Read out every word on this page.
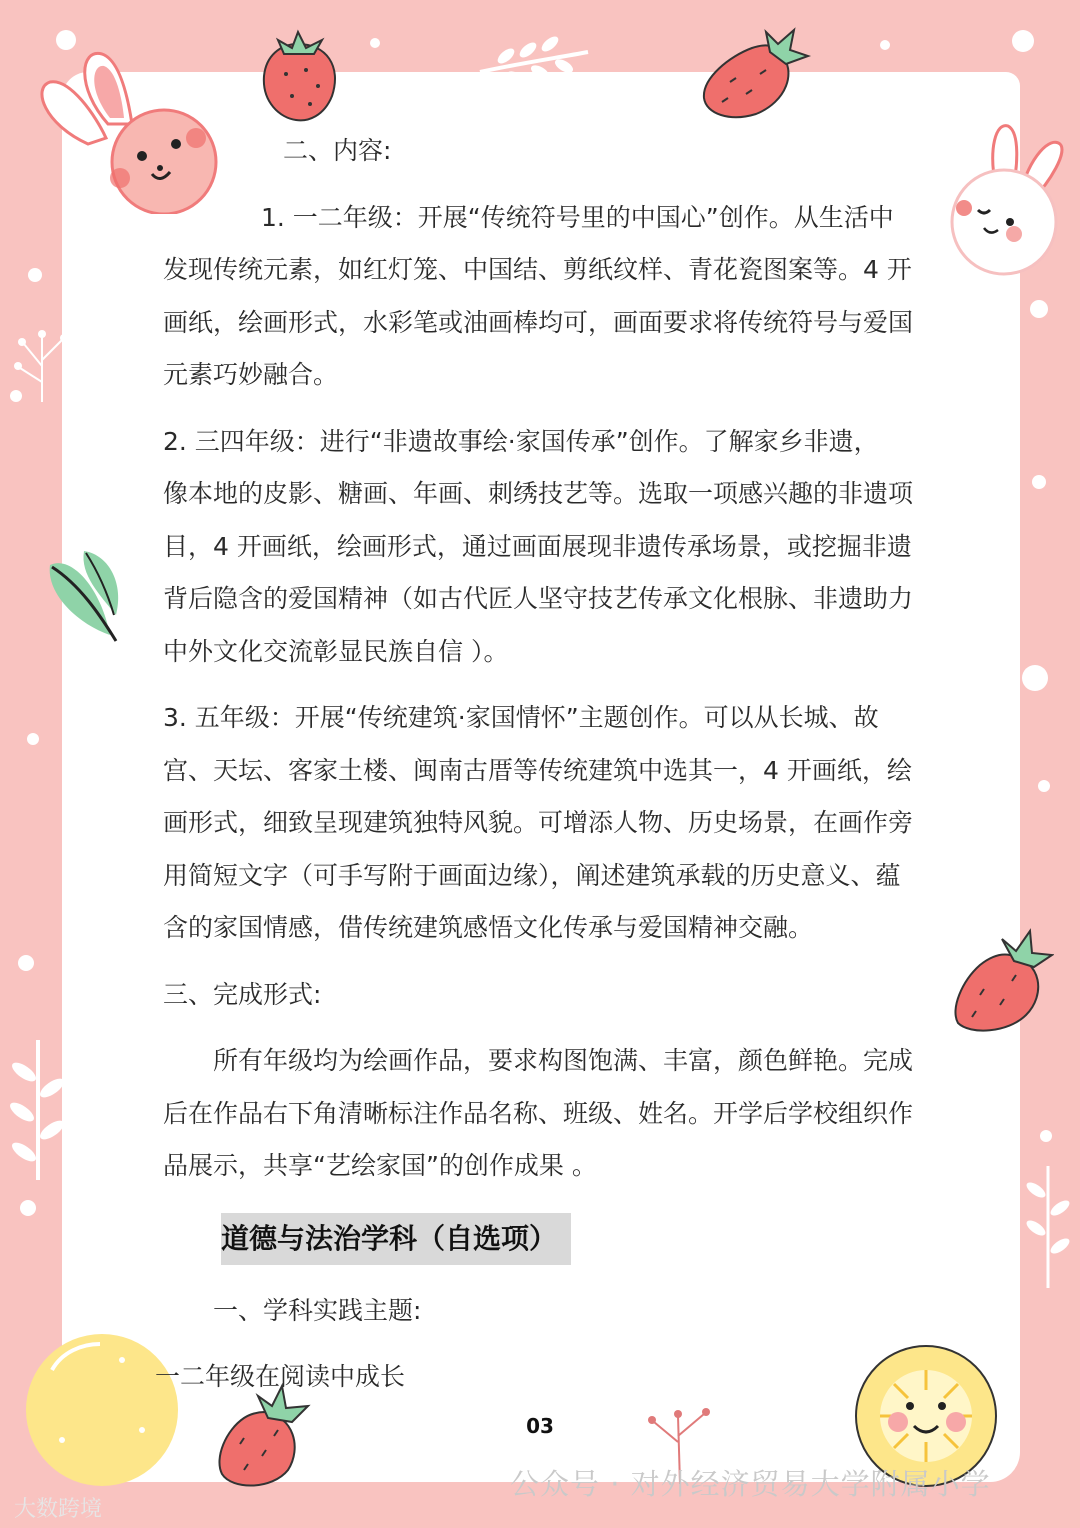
二、内容:

1. 一二年级：开展“传统符号里的中国心”创作。从生活中

发现传统元素，如红灯笼、中国结、剪纸纹样、青花瓷图案等。4 开

画纸，绘画形式，水彩笔或油画棒均可，画面要求将传统符号与爱国

元素巧妙融合。

2. 三四年级：进行“非遗故事绘·家国传承”创作。了解家乡非遗，

像本地的皮影、糖画、年画、刺绣技艺等。选取一项感兴趣的非遗项

目，4 开画纸，绘画形式，通过画面展现非遗传承场景，或挖掘非遗

背后隐含的爱国精神（如古代匠人坚守技艺传承文化根脉、非遗助力

中外文化交流彰显民族自信 ）。

3. 五年级：开展“传统建筑·家国情怀”主题创作。可以从长城、故

宫、天坛、客家土楼、闽南古厝等传统建筑中选其一，4 开画纸，绘

画形式，细致呈现建筑独特风貌。可增添人物、历史场景，在画作旁

用简短文字（可手写附于画面边缘），阐述建筑承载的历史意义、蕴

含的家国情感，借传统建筑感悟文化传承与爱国精神交融。

三、完成形式:

所有年级均为绘画作品，要求构图饱满、丰富，颜色鲜艳。完成

后在作品右下角清晰标注作品名称、班级、姓名。开学后学校组织作

品展示，共享“艺绘家国”的创作成果 。

道德与法治学科（自选项）

一、学科实践主题:

一二年级在阅读中成长

03
公众号 · 对外经济贸易大学附属小学
大数跨境
